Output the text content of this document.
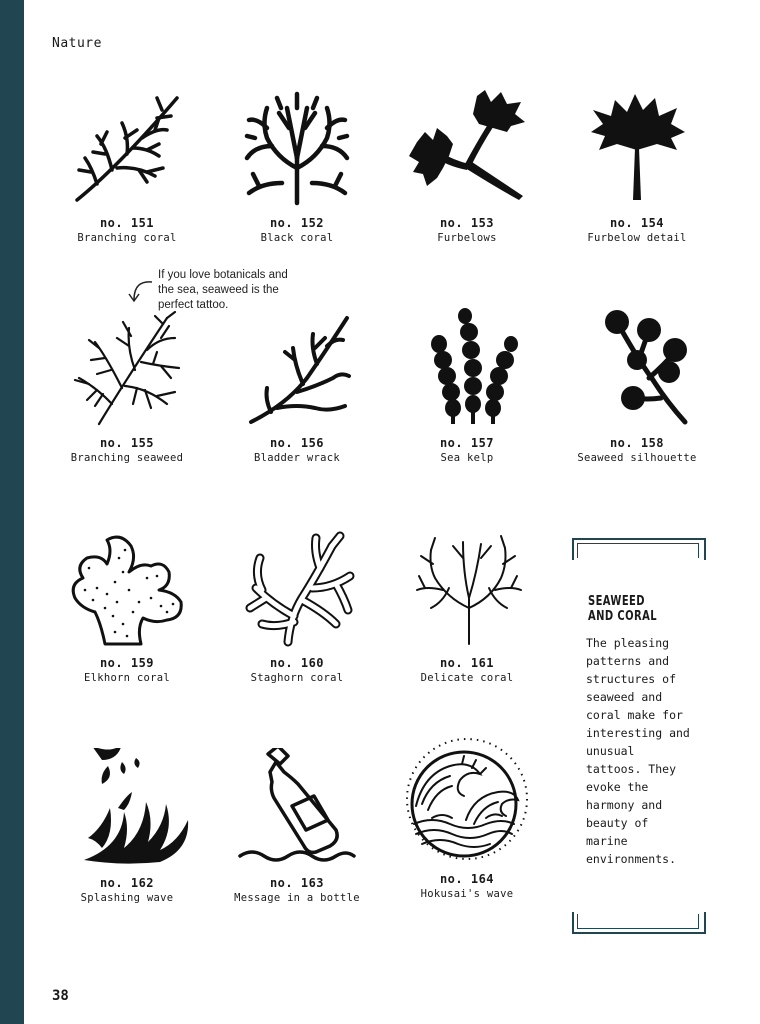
Nature
no. 151
Branching coral
no. 152
Black coral
no. 153
Furbelows
no. 154
Furbelow detail
If you love botanicals and the sea, seaweed is the perfect tattoo.
no. 155
Branching seaweed
no. 156
Bladder wrack
no. 157
Sea kelp
no. 158
Seaweed silhouette
no. 159
Elkhorn coral
no. 160
Staghorn coral
no. 161
Delicate coral
no. 162
Splashing wave
no. 163
Message in a bottle
no. 164
Hokusai's wave
SEAWEED AND CORAL
The pleasing patterns and structures of seaweed and coral make for interesting and unusual tattoos. They evoke the harmony and beauty of marine environments.
38
